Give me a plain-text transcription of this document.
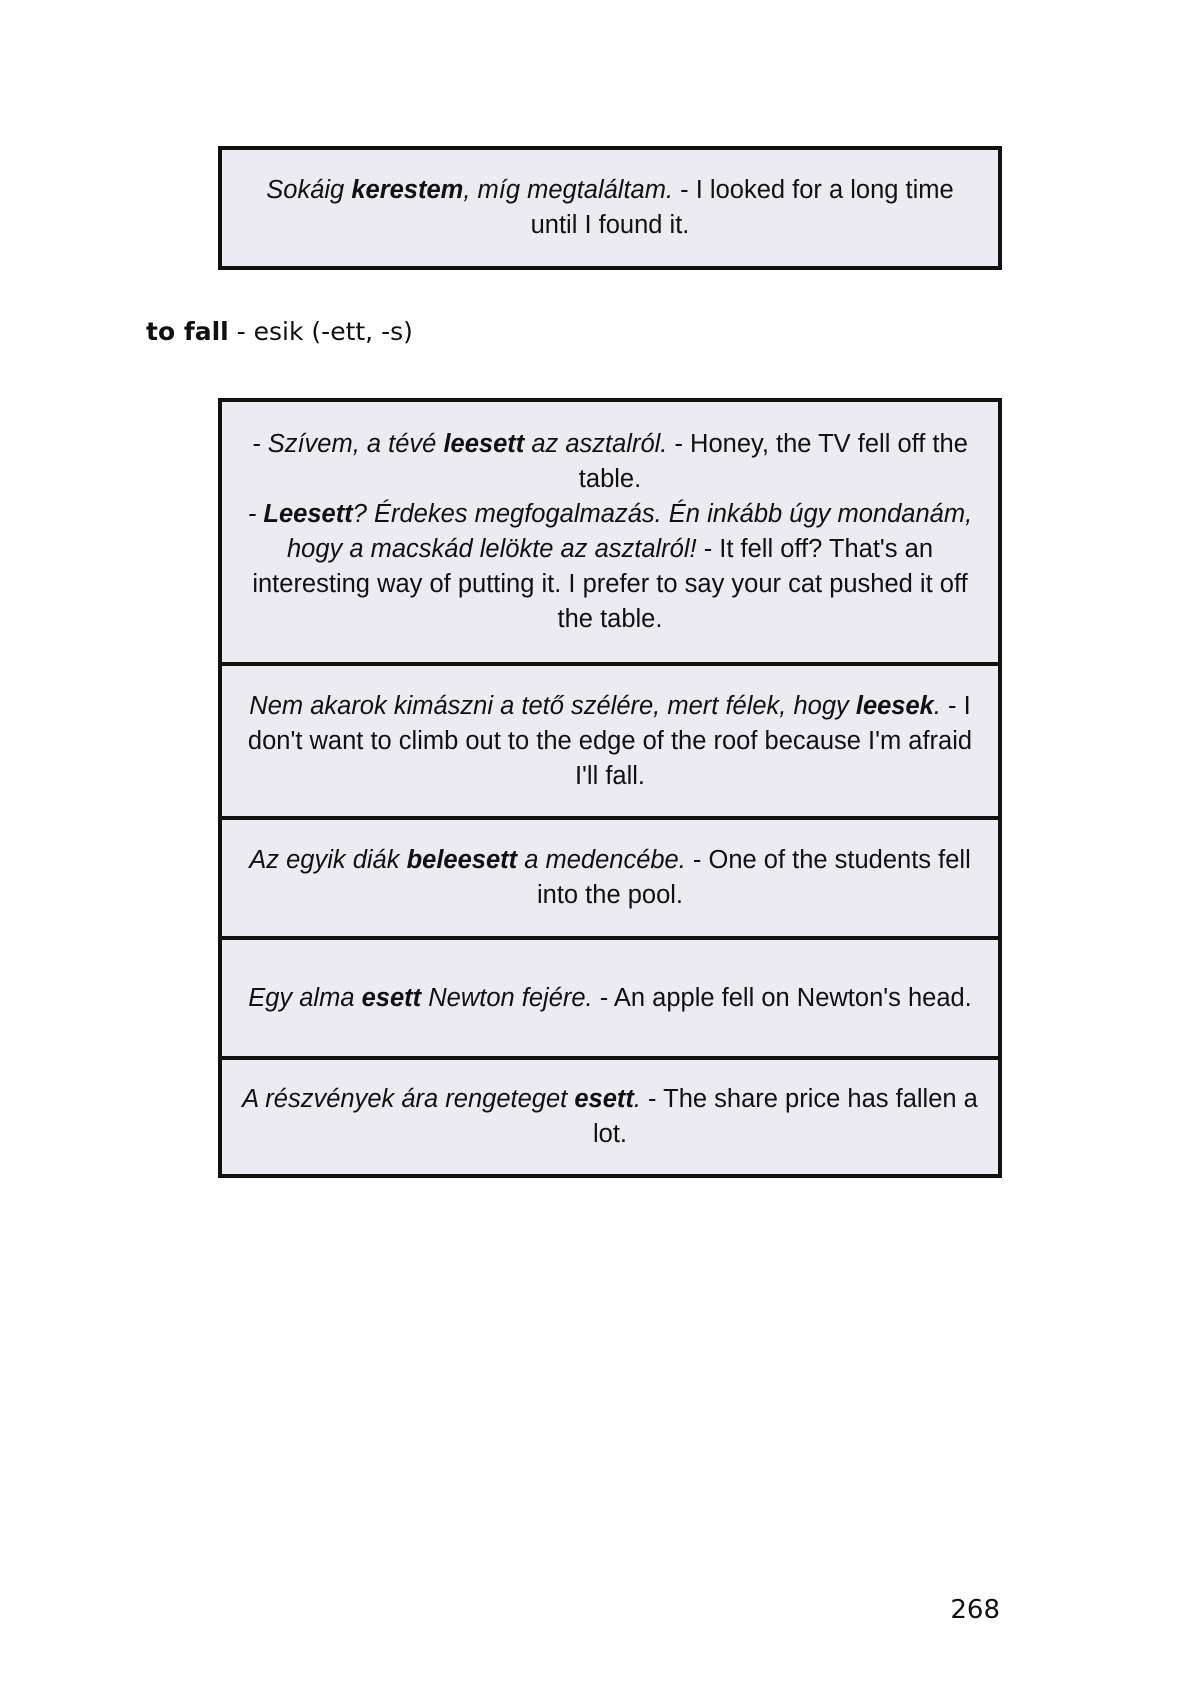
Sokáig kerestem, míg megtaláltam. - I looked for a long time until I found it.

to fall - esik (-ett, -s)

- Szívem, a tévé leesett az asztalról. - Honey, the TV fell off the table.
- Leesett? Érdekes megfogalmazás. Én inkább úgy mondanám, hogy a macskád lelökte az asztalról! - It fell off? That's an interesting way of putting it. I prefer to say your cat pushed it off the table.

Nem akarok kimászni a tető szélére, mert félek, hogy leesek. - I don't want to climb out to the edge of the roof because I'm afraid I'll fall.

Az egyik diák beleesett a medencébe. - One of the students fell into the pool.

Egy alma esett Newton fejére. - An apple fell on Newton's head.

A részvények ára rengeteget esett. - The share price has fallen a lot.

268
